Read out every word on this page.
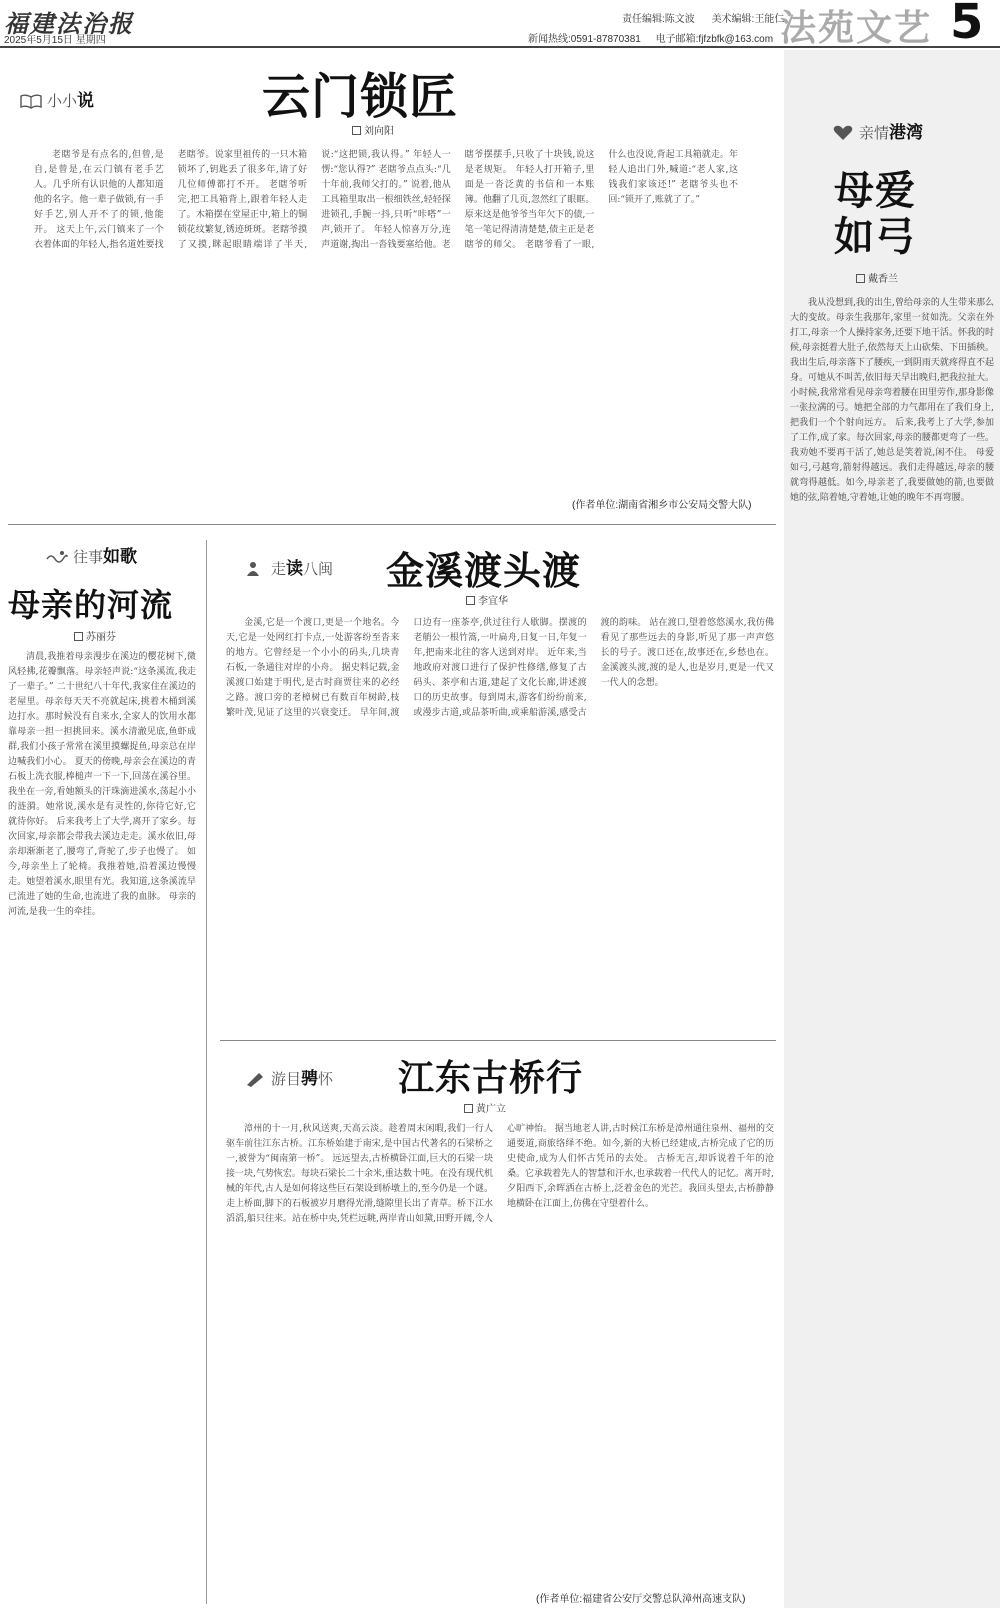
福建法治报
2025年5月15日 星期四
责任编辑:陈文波 美术编辑:王能仁
新闻热线:0591-87870381 电子邮箱:fjfzbfk@163.com 法苑文艺 5
小小说	云门锁匠
刘向阳

老瞎爷是有点名的,但曾,是自,是曾是,在云门镇有老手艺人。几乎所有认识他的人都知道他的名字。他一辈子做锁,有一手好手艺,别人开不了的锁,他能开。 这天上午,云门镇来了一个衣着体面的年轻人,指名道姓要找老瞎爷。说家里祖传的一只木箱锁坏了,钥匙丢了很多年,请了好几位师傅都打不开。 老瞎爷听完,把工具箱背上,跟着年轻人走了。木箱摆在堂屋正中,箱上的铜锁花纹繁复,锈迹斑斑。老瞎爷摸了又摸,眯起眼睛端详了半天,说:“这把锁,我认得。” 年轻人一愣:“您认得?” 老瞎爷点点头:“几十年前,我师父打的。” 说着,他从工具箱里取出一根细铁丝,轻轻探进锁孔,手腕一抖,只听“咔嗒”一声,锁开了。 年轻人惊喜万分,连声道谢,掏出一沓钱要塞给他。老瞎爷摆摆手,只收了十块钱,说这是老规矩。 年轻人打开箱子,里面是一沓泛黄的书信和一本账簿。他翻了几页,忽然红了眼眶。原来这是他爷爷当年欠下的债,一笔一笔记得清清楚楚,债主正是老瞎爷的师父。 老瞎爷看了一眼,什么也没说,背起工具箱就走。年轻人追出门外,喊道:“老人家,这钱我们家该还!” 老瞎爷头也不回:“锁开了,账就了了。”

(作者单位:湖南省湘乡市公安局交警大队)
往事如歌
母亲的河流
苏丽芬

清晨,我推着母亲漫步在溪边的樱花树下,微风轻拂,花瓣飘落。母亲轻声说:“这条溪流,我走了一辈子。” 二十世纪八十年代,我家住在溪边的老屋里。母亲每天天不亮就起床,挑着木桶到溪边打水。那时候没有自来水,全家人的饮用水都靠母亲一担一担挑回来。溪水清澈见底,鱼虾成群,我们小孩子常常在溪里摸螺捉鱼,母亲总在岸边喊我们小心。 夏天的傍晚,母亲会在溪边的青石板上洗衣服,棒槌声一下一下,回荡在溪谷里。我坐在一旁,看她额头的汗珠滴进溪水,荡起小小的涟漪。她常说,溪水是有灵性的,你待它好,它就待你好。 后来我考上了大学,离开了家乡。每次回家,母亲都会带我去溪边走走。溪水依旧,母亲却渐渐老了,腰弯了,背驼了,步子也慢了。 如今,母亲坐上了轮椅。我推着她,沿着溪边慢慢走。她望着溪水,眼里有光。我知道,这条溪流早已流进了她的生命,也流进了我的血脉。 母亲的河流,是我一生的牵挂。

走读八闽 金溪渡头渡
李宜华

金溪,它是一个渡口,更是一个地名。今天,它是一处网红打卡点,一处游客纷至沓来的地方。它曾经是一个小小的码头,几块青石板,一条通往对岸的小舟。 据史料记载,金溪渡口始建于明代,是古时商贾往来的必经之路。渡口旁的老樟树已有数百年树龄,枝繁叶茂,见证了这里的兴衰变迁。 早年间,渡口边有一座茶亭,供过往行人歇脚。摆渡的老艄公一根竹篙,一叶扁舟,日复一日,年复一年,把南来北往的客人送到对岸。 近年来,当地政府对渡口进行了保护性修缮,修复了古码头、茶亭和古道,建起了文化长廊,讲述渡口的历史故事。每到周末,游客们纷纷前来,或漫步古道,或品茶听曲,或乘船游溪,感受古渡的韵味。 站在渡口,望着悠悠溪水,我仿佛看见了那些远去的身影,听见了那一声声悠长的号子。渡口还在,故事还在,乡愁也在。 金溪渡头渡,渡的是人,也是岁月,更是一代又一代人的念想。

游目骋怀 江东古桥行
黄广立

漳州的十一月,秋风送爽,天高云淡。趁着周末闲暇,我们一行人驱车前往江东古桥。江东桥始建于南宋,是中国古代著名的石梁桥之一,被誉为“闽南第一桥”。 远远望去,古桥横卧江面,巨大的石梁一块接一块,气势恢宏。每块石梁长二十余米,重达数十吨。在没有现代机械的年代,古人是如何将这些巨石架设到桥墩上的,至今仍是一个谜。 走上桥面,脚下的石板被岁月磨得光滑,缝隙里长出了青草。桥下江水滔滔,船只往来。站在桥中央,凭栏远眺,两岸青山如黛,田野开阔,令人心旷神怡。 据当地老人讲,古时候江东桥是漳州通往泉州、福州的交通要道,商旅络绎不绝。如今,新的大桥已经建成,古桥完成了它的历史使命,成为人们怀古凭吊的去处。 古桥无言,却诉说着千年的沧桑。它承载着先人的智慧和汗水,也承载着一代代人的记忆。离开时,夕阳西下,余晖洒在古桥上,泛着金色的光芒。我回头望去,古桥静静地横卧在江面上,仿佛在守望着什么。

(作者单位:福建省公安厅交警总队漳州高速支队)
亲情港湾
母爱
如弓
戴香兰

我从没想到,我的出生,曾给母亲的人生带来那么大的变故。母亲生我那年,家里一贫如洗。父亲在外打工,母亲一个人操持家务,还要下地干活。怀我的时候,母亲挺着大肚子,依然每天上山砍柴、下田插秧。 我出生后,母亲落下了腰疾,一到阴雨天就疼得直不起身。可她从不叫苦,依旧每天早出晚归,把我拉扯大。 小时候,我常常看见母亲弯着腰在田里劳作,那身影像一张拉满的弓。她把全部的力气都用在了我们身上,把我们一个个射向远方。 后来,我考上了大学,参加了工作,成了家。每次回家,母亲的腰都更弯了一些。我劝她不要再干活了,她总是笑着说,闲不住。 母爱如弓,弓越弯,箭射得越远。我们走得越远,母亲的腰就弯得越低。如今,母亲老了,我要做她的箭,也要做她的弦,陪着她,守着她,让她的晚年不再弯腰。
